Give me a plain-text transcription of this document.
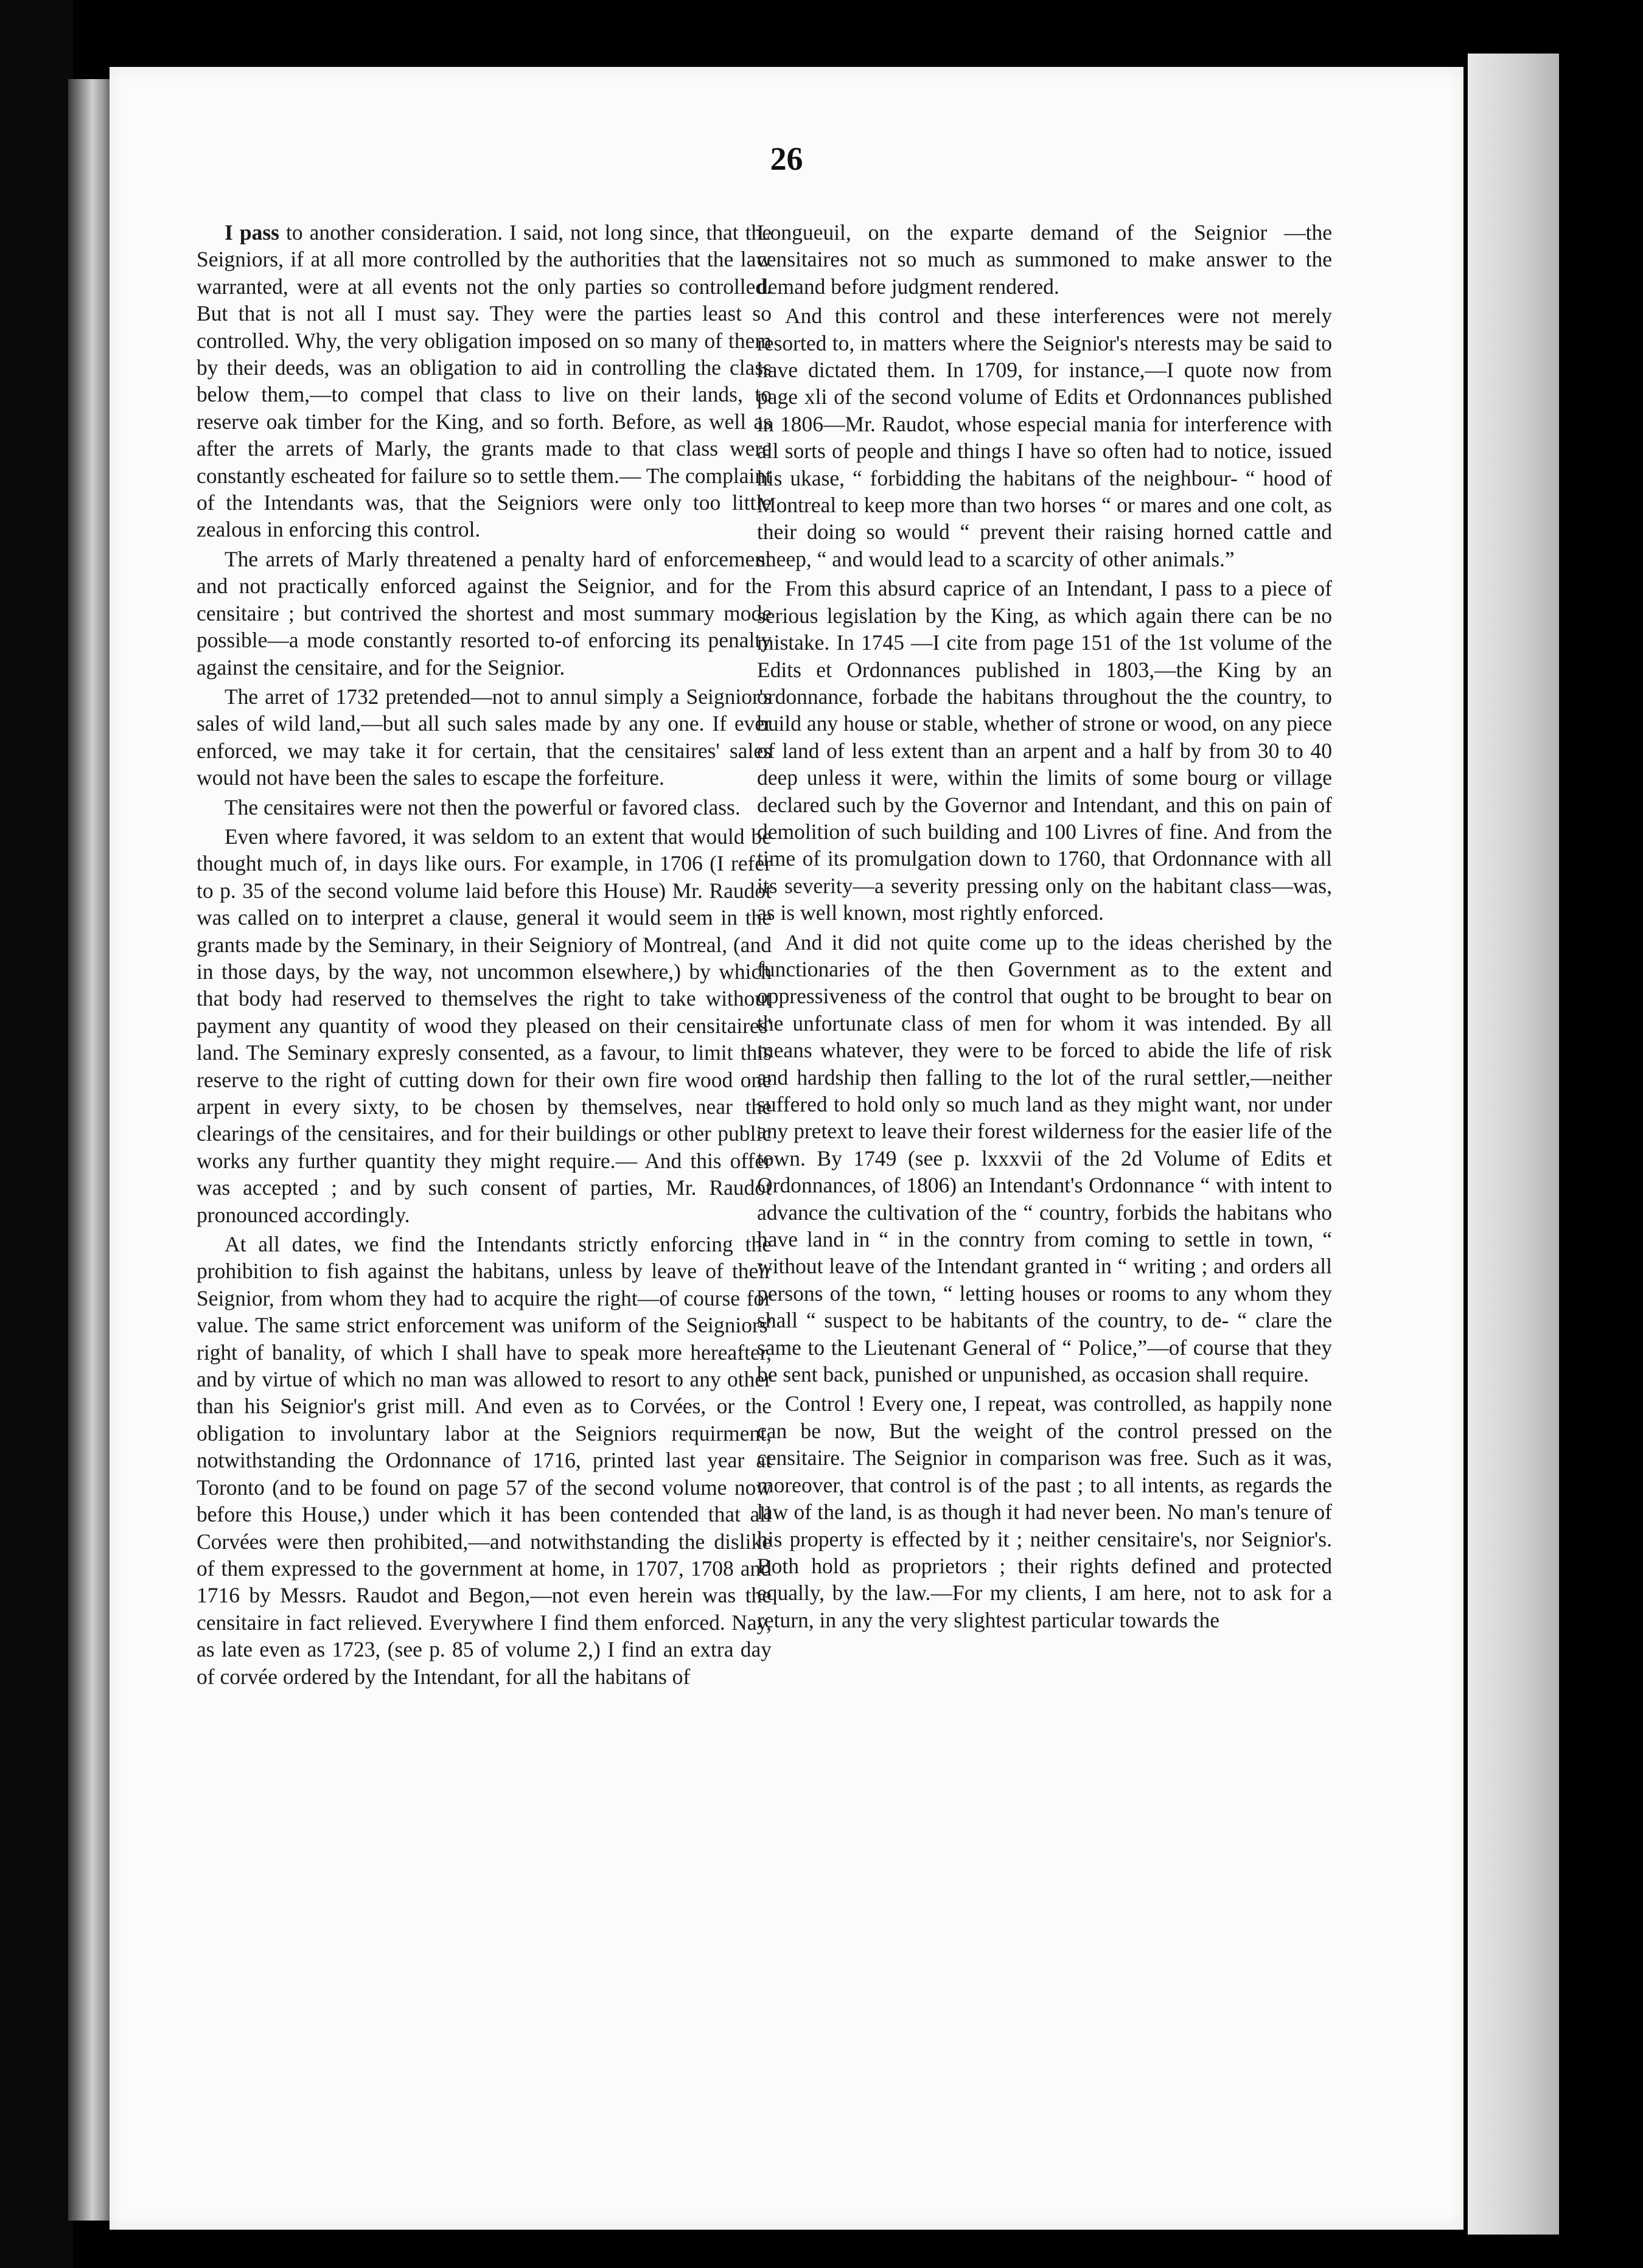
26

I pass to another consideration. I said, not long since, that the Seigniors, if at all more controlled by the authorities that the law warranted, were at all events not the only parties so controlled. But that is not all I must say. They were the parties least so controlled. Why, the very obligation imposed on so many of them by their deeds, was an obligation to aid in controlling the class below them,—to compel that class to live on their lands, to reserve oak timber for the King, and so forth. Before, as well as after the arrets of Marly, the grants made to that class were constantly escheated for failure so to settle them.— The complaint of the Intendants was, that the Seigniors were only too little zealous in enforcing this control.

The arrets of Marly threatened a penalty hard of enforcement and not practically enforced against the Seignior, and for the censitaire ; but contrived the shortest and most summary mode possible—a mode constantly resorted to-of enforcing its penalty against the censitaire, and for the Seignior.

The arret of 1732 pretended—not to annul simply a Seignior's sales of wild land,—but all such sales made by any one. If ever enforced, we may take it for certain, that the censitaires' sales would not have been the sales to escape the forfeiture.

The censitaires were not then the powerful or favored class.

Even where favored, it was seldom to an extent that would be thought much of, in days like ours. For example, in 1706 (I refer to p. 35 of the second volume laid before this House) Mr. Raudot was called on to interpret a clause, general it would seem in the grants made by the Seminary, in their Seigniory of Montreal, (and in those days, by the way, not uncommon elsewhere,) by which that body had reserved to themselves the right to take without payment any quantity of wood they pleased on their censitaires' land. The Seminary expresly consented, as a favour, to limit this reserve to the right of cutting down for their own fire wood one arpent in every sixty, to be chosen by themselves, near the clearings of the censitaires, and for their buildings or other public works any further quantity they might require.— And this offer was accepted ; and by such consent of parties, Mr. Raudot pronounced accordingly.

At all dates, we find the Intendants strictly enforcing the prohibition to fish against the habitans, unless by leave of their Seignior, from whom they had to acquire the right—of course for value. The same strict enforcement was uniform of the Seigniors' right of banality, of which I shall have to speak more hereafter, and by virtue of which no man was allowed to resort to any other than his Seignior's grist mill. And even as to Corvées, or the obligation to involuntary labor at the Seigniors requirment, notwithstanding the Ordonnance of 1716, printed last year at Toronto (and to be found on page 57 of the second volume now before this House,) under which it has been contended that all Corvées were then prohibited,—and notwithstanding the dislike of them expressed to the government at home, in 1707, 1708 and 1716 by Messrs. Raudot and Begon,—not even herein was the censitaire in fact relieved. Everywhere I find them enforced. Nay, as late even as 1723, (see p. 85 of volume 2,) I find an extra day of corvée ordered by the Intendant, for all the habitans of

Longueuil, on the exparte demand of the Seignior —the censitaires not so much as summoned to make answer to the demand before judgment rendered.

And this control and these interferences were not merely resorted to, in matters where the Seignior's nterests may be said to have dictated them. In 1709, for instance,—I quote now from page xli of the second volume of Edits et Ordonnances published in 1806—Mr. Raudot, whose especial mania for interference with all sorts of people and things I have so often had to notice, issued his ukase, “ forbidding the habitans of the neighbour- “ hood of Montreal to keep more than two horses “ or mares and one colt, as their doing so would “ prevent their raising horned cattle and sheep, “ and would lead to a scarcity of other animals.”

From this absurd caprice of an Intendant, I pass to a piece of serious legislation by the King, as which again there can be no mistake. In 1745 —I cite from page 151 of the 1st volume of the Edits et Ordonnances published in 1803,—the King by an ordonnance, forbade the habitans throughout the the country, to build any house or stable, whether of strone or wood, on any piece of land of less extent than an arpent and a half by from 30 to 40 deep unless it were, within the limits of some bourg or village declared such by the Governor and Intendant, and this on pain of demolition of such building and 100 Livres of fine. And from the time of its promulgation down to 1760, that Ordonnance with all its severity—a severity pressing only on the habitant class—was, as is well known, most rightly enforced.

And it did not quite come up to the ideas cherished by the functionaries of the then Government as to the extent and oppressiveness of the control that ought to be brought to bear on the unfortunate class of men for whom it was intended. By all means whatever, they were to be forced to abide the life of risk and hardship then falling to the lot of the rural settler,—neither suffered to hold only so much land as they might want, nor under any pretext to leave their forest wilderness for the easier life of the town. By 1749 (see p. lxxxvii of the 2d Volume of Edits et Ordonnances, of 1806) an Intendant's Ordonnance “ with intent to advance the cultivation of the “ country, forbids the habitans who have land in “ in the conntry from coming to settle in town, “ without leave of the Intendant granted in “ writing ; and orders all persons of the town, “ letting houses or rooms to any whom they shall “ suspect to be habitants of the country, to de- “ clare the same to the Lieutenant General of “ Police,”—of course that they be sent back, punished or unpunished, as occasion shall require.

Control ! Every one, I repeat, was controlled, as happily none can be now, But the weight of the control pressed on the censitaire. The Seignior in comparison was free. Such as it was, moreover, that control is of the past ; to all intents, as regards the law of the land, is as though it had never been. No man's tenure of his property is effected by it ; neither censitaire's, nor Seignior's. Both hold as proprietors ; their rights defined and protected equally, by the law.—For my clients, I am here, not to ask for a return, in any the very slightest particular towards the
